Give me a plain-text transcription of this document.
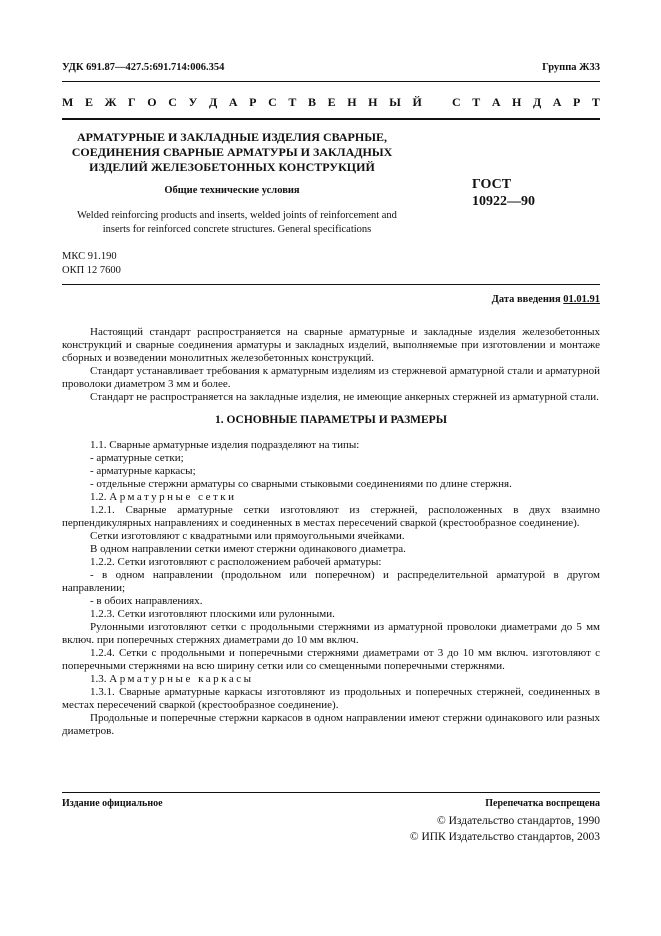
УДК 691.87—427.5:691.714:006.354	Группа Ж33
М Е Ж Г О С У Д А Р С Т В Е Н Н Ы Й	С Т А Н Д А Р Т
АРМАТУРНЫЕ И ЗАКЛАДНЫЕ ИЗДЕЛИЯ СВАРНЫЕ,
СОЕДИНЕНИЯ СВАРНЫЕ АРМАТУРЫ И ЗАКЛАДНЫХ
ИЗДЕЛИЙ ЖЕЛЕЗОБЕТОННЫХ КОНСТРУКЦИЙ
Общие технические условия	ГОСТ
10922—90
Welded reinforcing products and inserts, welded joints of reinforcement and
inserts for reinforced concrete structures. General specifications
МКС 91.190
ОКП 12 7600
Дата введения 01.01.91

Настоящий стандарт распространяется на сварные арматурные и закладные изделия железобетонных конструкций и сварные соединения арматуры и закладных изделий, выполняемые при изготовлении и монтаже сборных и возведении монолитных железобетонных конструкций.

Стандарт устанавливает требования к арматурным изделиям из стержневой арматурной стали и арматурной проволоки диаметром 3 мм и более.

Стандарт не распространяется на закладные изделия, не имеющие анкерных стержней из арматурной стали.

1. ОСНОВНЫЕ ПАРАМЕТРЫ И РАЗМЕРЫ

1.1. Сварные арматурные изделия подразделяют на типы:

- арматурные сетки;

- арматурные каркасы;

- отдельные стержни арматуры со сварными стыковыми соединениями по длине стержня.

1.2. Арматурные сетки

1.2.1. Сварные арматурные сетки изготовляют из стержней, расположенных в двух взаимно перпендикулярных направлениях и соединенных в местах пересечений сваркой (крестообразное соединение).

Сетки изготовляют с квадратными или прямоугольными ячейками.

В одном направлении сетки имеют стержни одинакового диаметра.

1.2.2. Сетки изготовляют с расположением рабочей арматуры:

- в одном направлении (продольном или поперечном) и распределительной арматурой в другом направлении;

- в обоих направлениях.

1.2.3. Сетки изготовляют плоскими или рулонными.

Рулонными изготовляют сетки с продольными стержнями из арматурной проволоки диаметрами до 5 мм включ. при поперечных стержнях диаметрами до 10 мм включ.

1.2.4. Сетки с продольными и поперечными стержнями диаметрами от 3 до 10 мм включ. изготовляют с поперечными стержнями на всю ширину сетки или со смещенными поперечными стержнями.

1.3. Арматурные каркасы

1.3.1. Сварные арматурные каркасы изготовляют из продольных и поперечных стержней, соединенных в местах пересечений сваркой (крестообразное соединение).

Продольные и поперечные стержни каркасов в одном направлении имеют стержни одинакового или разных диаметров.

Издание официальное	Перепечатка воспрещена
© Издательство стандартов, 1990
© ИПК Издательство стандартов, 2003
